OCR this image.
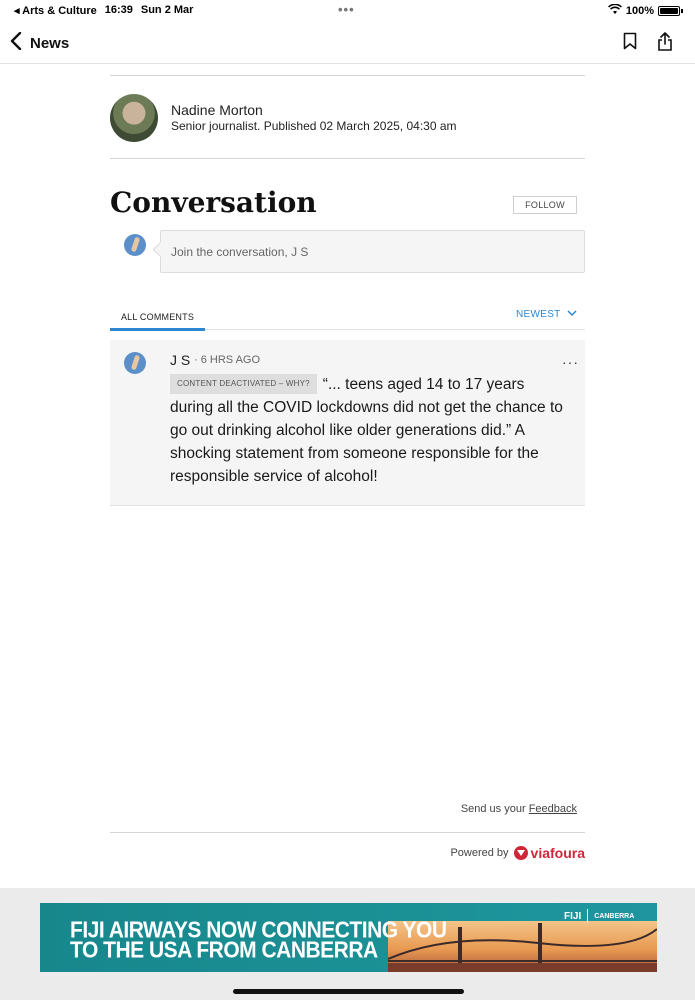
◂ Arts & Culture 16:39 Sun 2 Mar	•••	100%
News
Nadine Morton
Senior journalist. Published 02 March 2025, 04:30 am
Conversation	FOLLOW
Join the conversation, J S
ALL COMMENTS	NEWEST
J S · 6 HRS AGO	···
CONTENT DEACTIVATED – WHY? “... teens aged 14 to 17 years during all the COVID lockdowns did not get the chance to go out drinking alcohol like older generations did.” A shocking statement from someone responsible for the responsible service of alcohol!
Send us your Feedback
Powered by viafoura
FIJI AIRWAYS NOW CONNECTING YOU
TO THE USA FROM CANBERRA
FIJI CANBERRA
